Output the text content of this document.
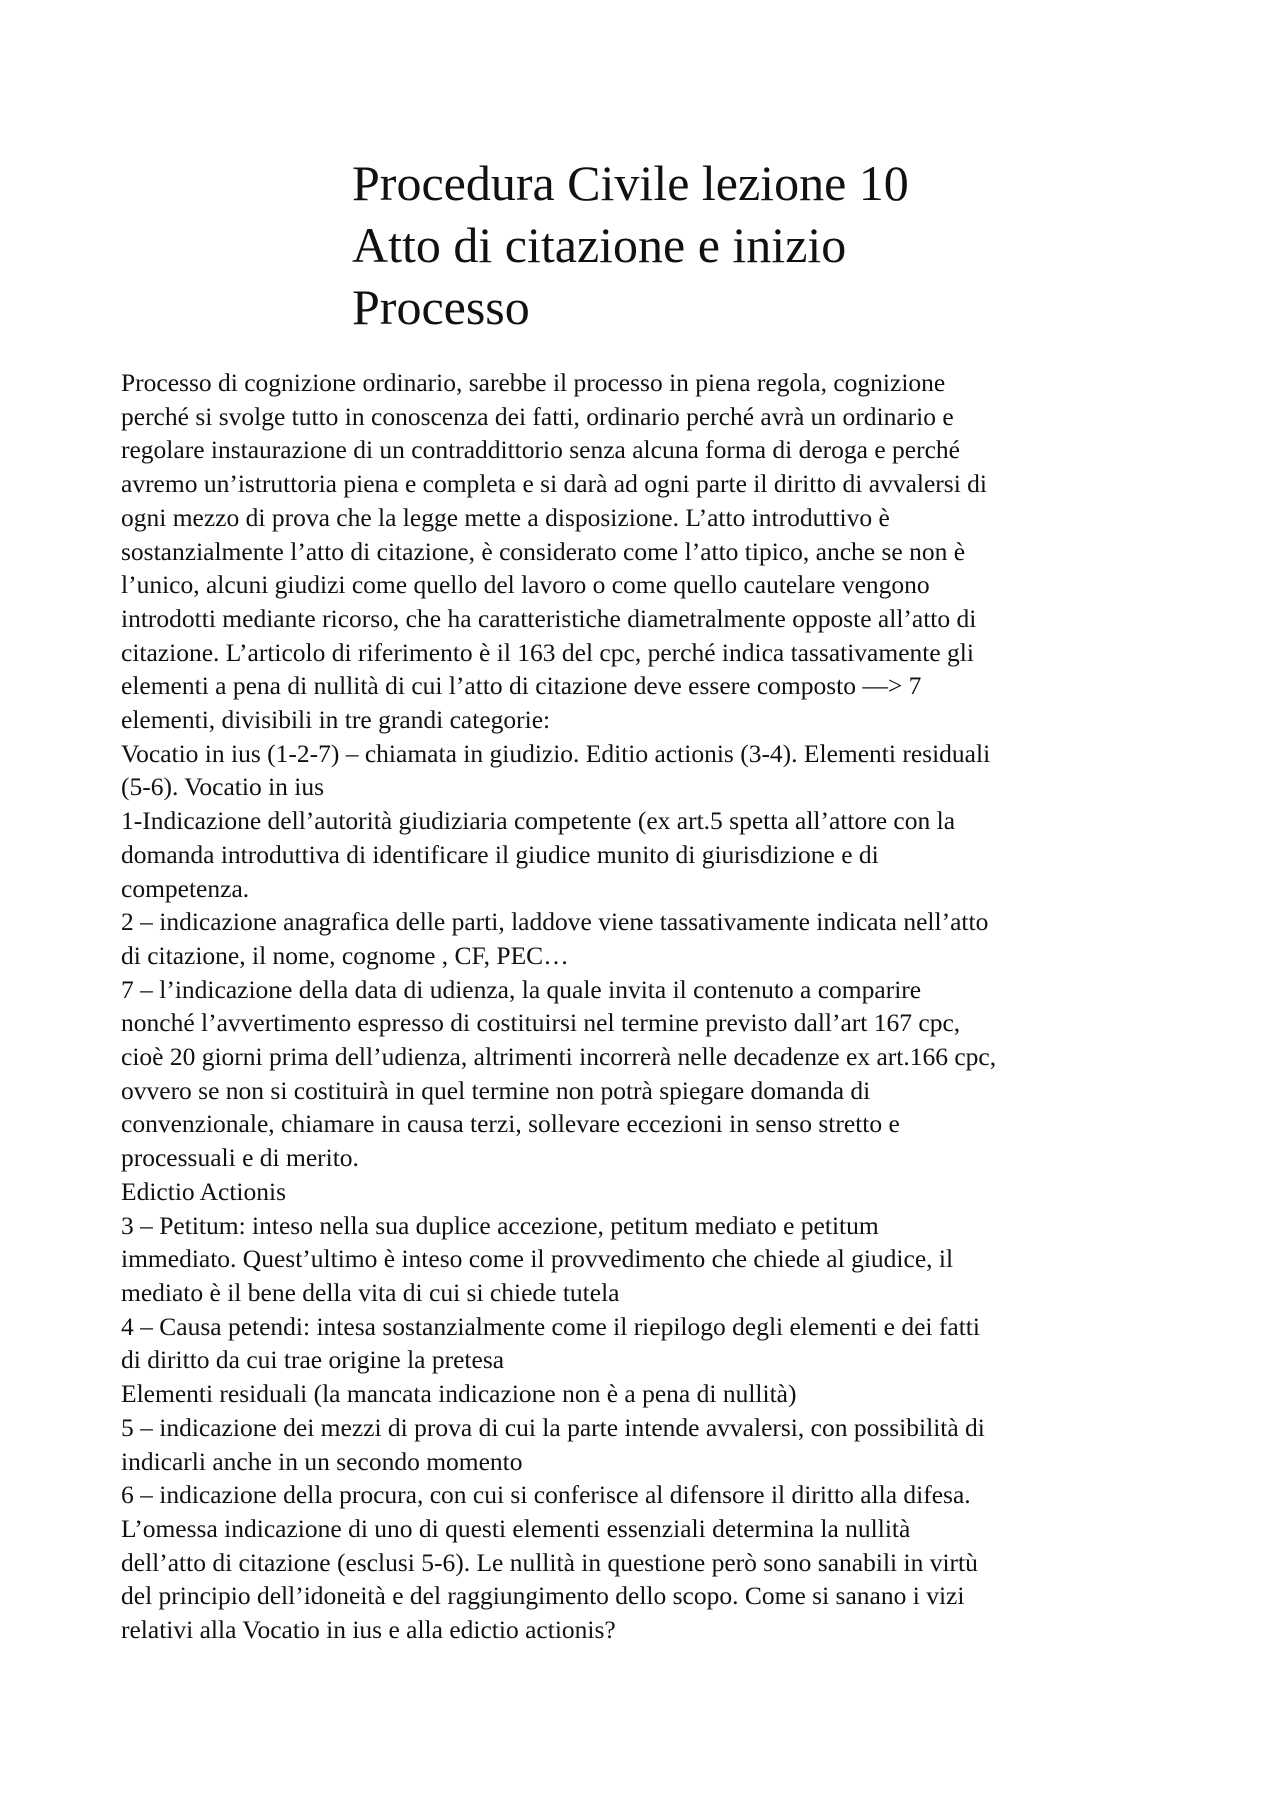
Procedura Civile lezione 10
Atto di citazione e inizio
Processo
Processo di cognizione ordinario, sarebbe il processo in piena regola, cognizione
perché si svolge tutto in conoscenza dei fatti, ordinario perché avrà un ordinario e
regolare instaurazione di un contraddittorio senza alcuna forma di deroga e perché
avremo un’istruttoria piena e completa e si darà ad ogni parte il diritto di avvalersi di
ogni mezzo di prova che la legge mette a disposizione. L’atto introduttivo è
sostanzialmente l’atto di citazione, è considerato come l’atto tipico, anche se non è
l’unico, alcuni giudizi come quello del lavoro o come quello cautelare vengono
introdotti mediante ricorso, che ha caratteristiche diametralmente opposte all’atto di
citazione. L’articolo di riferimento è il 163 del cpc, perché indica tassativamente gli
elementi a pena di nullità di cui l’atto di citazione deve essere composto —> 7
elementi, divisibili in tre grandi categorie:
Vocatio in ius (1-2-7) – chiamata in giudizio. Editio actionis (3-4). Elementi residuali
(5-6). Vocatio in ius
1-Indicazione dell’autorità giudiziaria competente (ex art.5 spetta all’attore con la
domanda introduttiva di identificare il giudice munito di giurisdizione e di
competenza.
2 – indicazione anagrafica delle parti, laddove viene tassativamente indicata nell’atto
di citazione, il nome, cognome , CF, PEC…
7 – l’indicazione della data di udienza, la quale invita il contenuto a comparire
nonché l’avvertimento espresso di costituirsi nel termine previsto dall’art 167 cpc,
cioè 20 giorni prima dell’udienza, altrimenti incorrerà nelle decadenze ex art.166 cpc,
ovvero se non si costituirà in quel termine non potrà spiegare domanda di
convenzionale, chiamare in causa terzi, sollevare eccezioni in senso stretto e
processuali e di merito.
Edictio Actionis
3 – Petitum: inteso nella sua duplice accezione, petitum mediato e petitum
immediato. Quest’ultimo è inteso come il provvedimento che chiede al giudice, il
mediato è il bene della vita di cui si chiede tutela
4 – Causa petendi: intesa sostanzialmente come il riepilogo degli elementi e dei fatti
di diritto da cui trae origine la pretesa
Elementi residuali (la mancata indicazione non è a pena di nullità)
5 – indicazione dei mezzi di prova di cui la parte intende avvalersi, con possibilità di
indicarli anche in un secondo momento
6 – indicazione della procura, con cui si conferisce al difensore il diritto alla difesa.
L’omessa indicazione di uno di questi elementi essenziali determina la nullità
dell’atto di citazione (esclusi 5-6). Le nullità in questione però sono sanabili in virtù
del principio dell’idoneità e del raggiungimento dello scopo. Come si sanano i vizi
relativi alla Vocatio in ius e alla edictio actionis?
